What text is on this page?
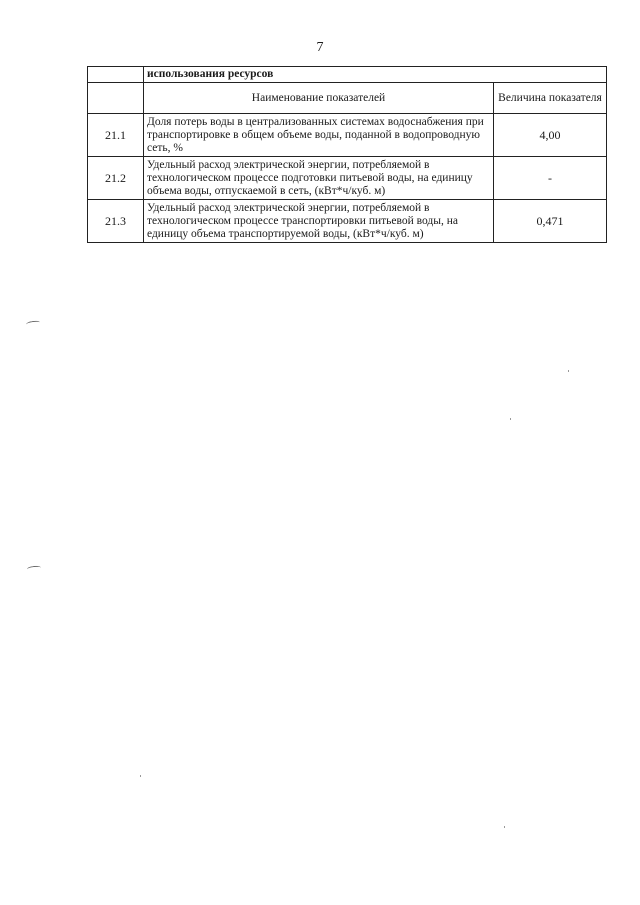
7
	использования ресурсов	
	Наименование показателей	Величина показателя
21.1	Доля потерь воды в централизованных системах водоснабжения при транспортировке в общем объеме воды, поданной в водопроводную сеть, %	4,00
21.2	Удельный расход электрической энергии, потребляемой в технологическом процессе подготовки питьевой воды, на единицу объема воды, отпускаемой в сеть, (кВт*ч/куб. м)	-
21.3	Удельный расход электрической энергии, потребляемой в технологическом процессе транспортировки питьевой воды, на единицу объема транспортируемой воды, (кВт*ч/куб. м)	0,471
